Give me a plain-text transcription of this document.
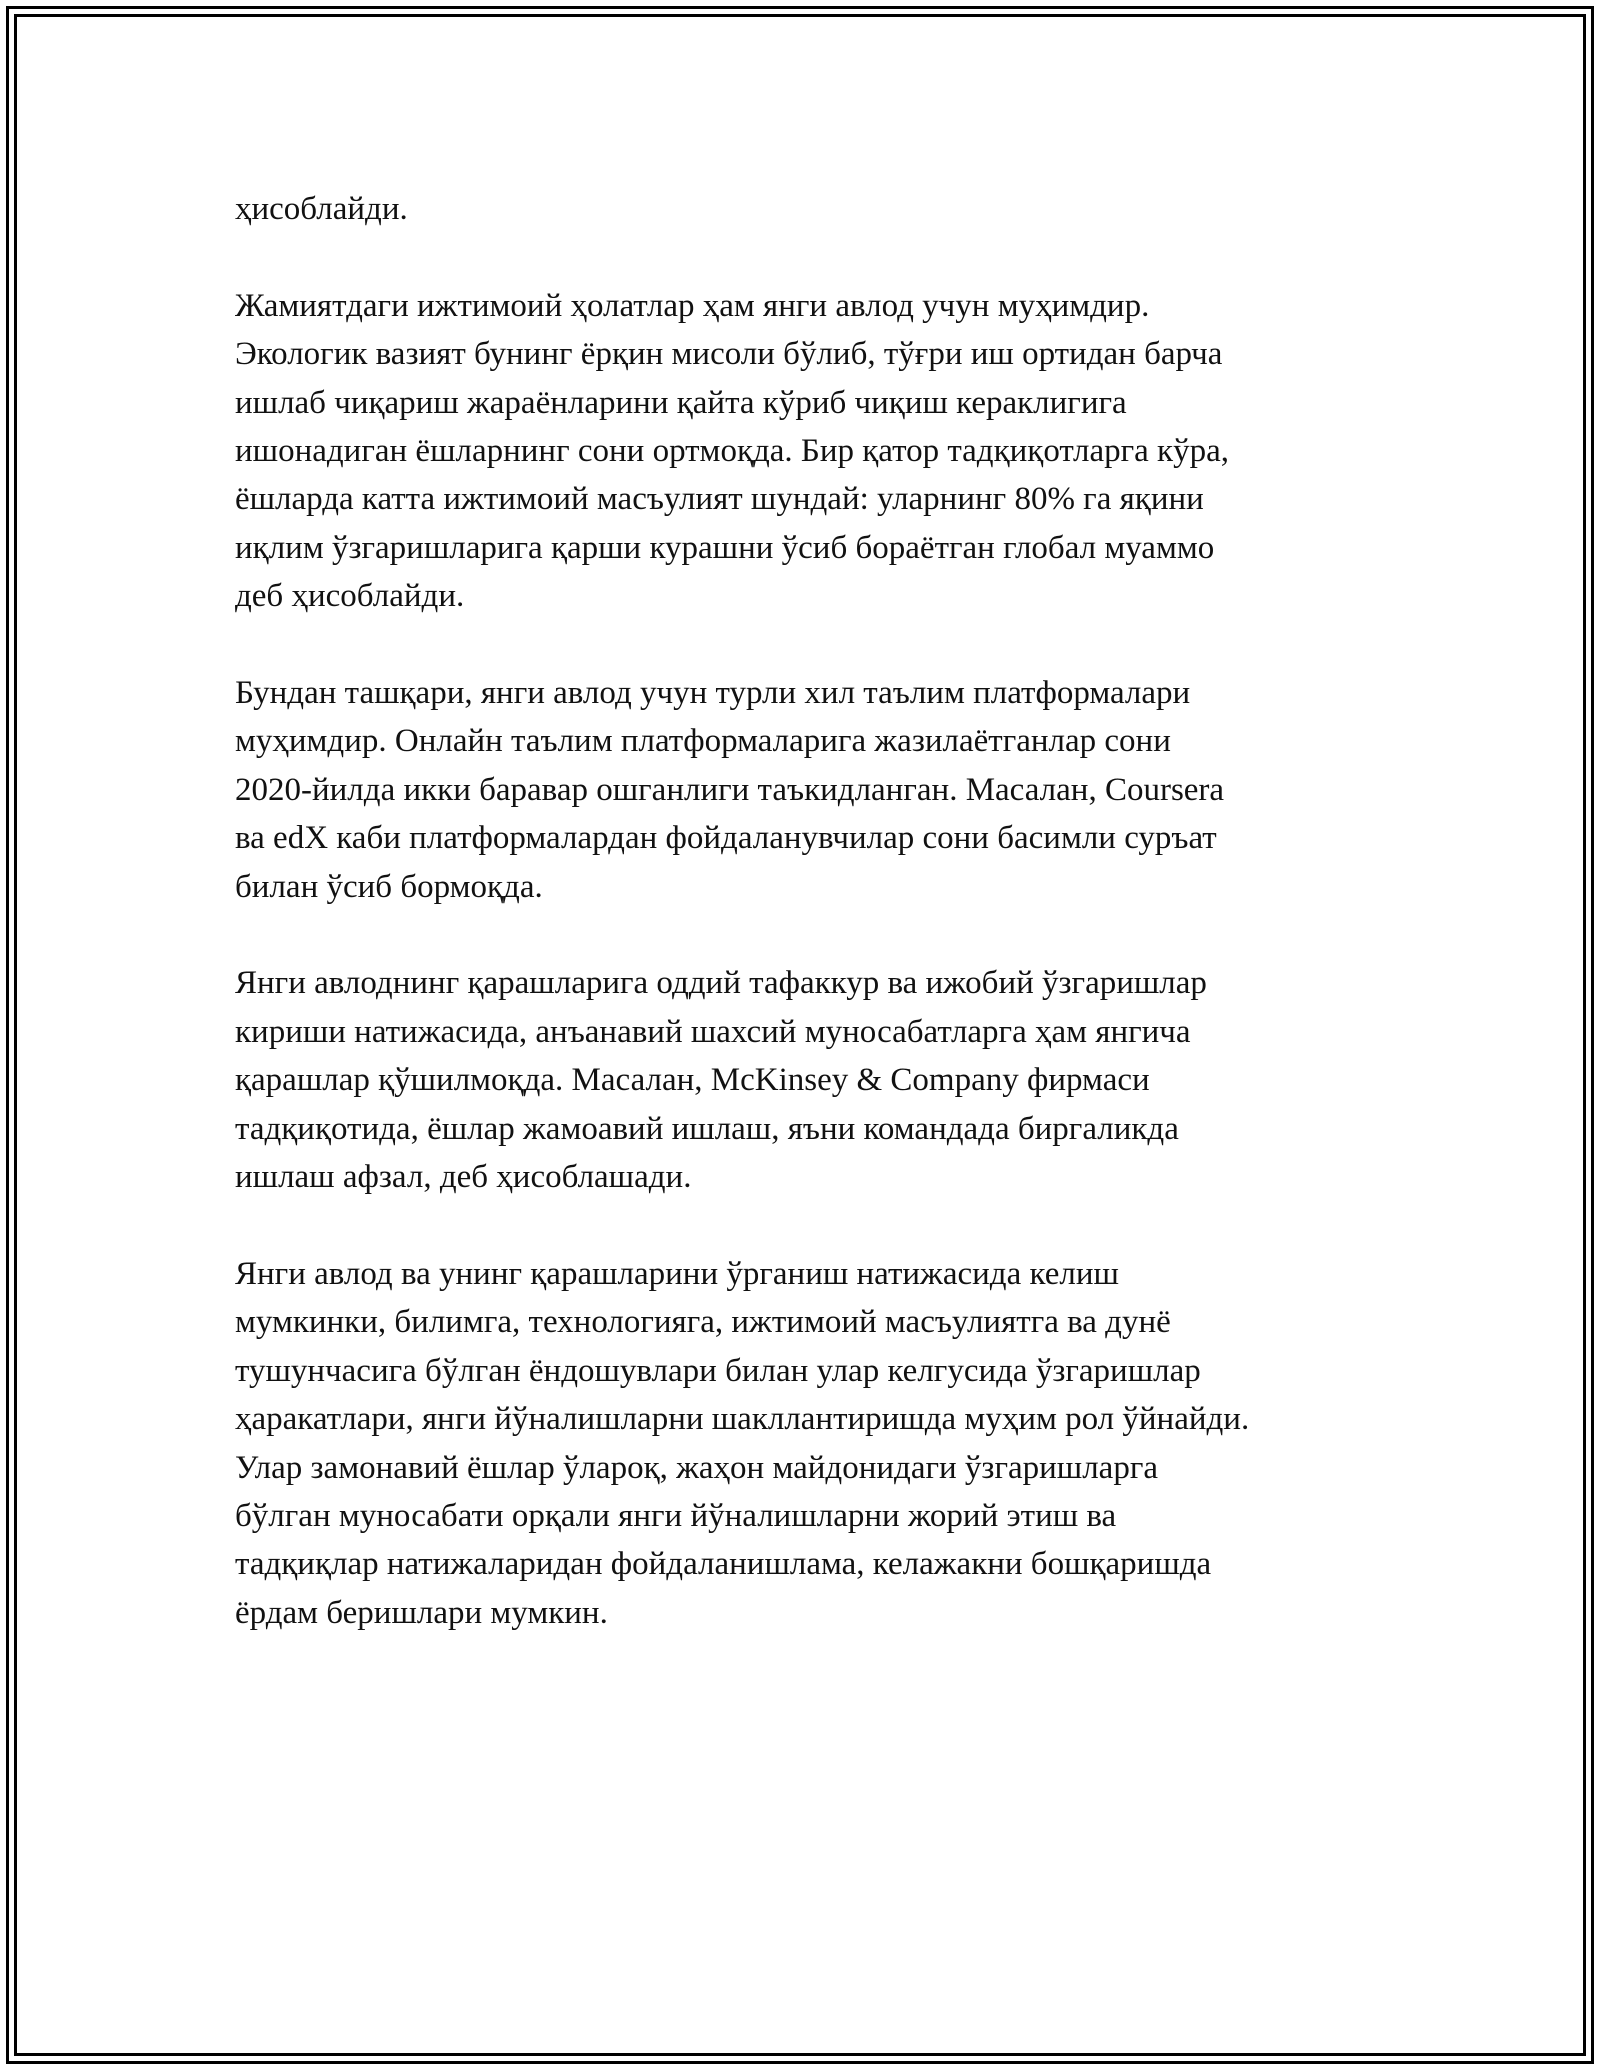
ҳисоблайди.

Жамиятдаги ижтимоий ҳолатлар ҳам янги авлод учун муҳимдир.
Экологик вазият бунинг ёрқин мисоли бўлиб, тўғри иш ортидан барча
ишлаб чиқариш жараёнларини қайта кўриб чиқиш кераклигига
ишонадиган ёшларнинг сони ортмоқда. Бир қатор тадқиқотларга кўра,
ёшларда катта ижтимоий масъулият шундай: уларнинг 80% га яқини
иқлим ўзгаришларига қарши курашни ўсиб бораётган глобал муаммо
деб ҳисоблайди.

Бундан ташқари, янги авлод учун турли хил таълим платформалари
муҳимдир. Онлайн таълим платформаларига жазилаётганлар сони
2020-йилда икки баравар ошганлиги таъкидланган. Масалан, Coursera
ва edX каби платформалардан фойдаланувчилар сони басимли суръат
билан ўсиб бормоқда.

Янги авлоднинг қарашларига оддий тафаккур ва ижобий ўзгаришлар
кириши натижасида, анъанавий шахсий муносабатларга ҳам янгича
қарашлар қўшилмоқда. Масалан, McKinsey & Company фирмаси
тадқиқотида, ёшлар жамоавий ишлаш, яъни командада биргаликда
ишлаш афзал, деб ҳисоблашади.

Янги авлод ва унинг қарашларини ўрганиш натижасида келиш
мумкинки, билимга, технологияга, ижтимоий масъулиятга ва дунё
тушунчасига бўлган ёндошувлари билан улар келгусида ўзгаришлар
ҳаракатлари, янги йўналишларни шакллантиришда муҳим рол ўйнайди.
Улар замонавий ёшлар ўлароқ, жаҳон майдонидаги ўзгаришларга
бўлган муносабати орқали янги йўналишларни жорий этиш ва
тадқиқлар натижаларидан фойдаланишлама, келажакни бошқаришда
ёрдам беришлари мумкин.
